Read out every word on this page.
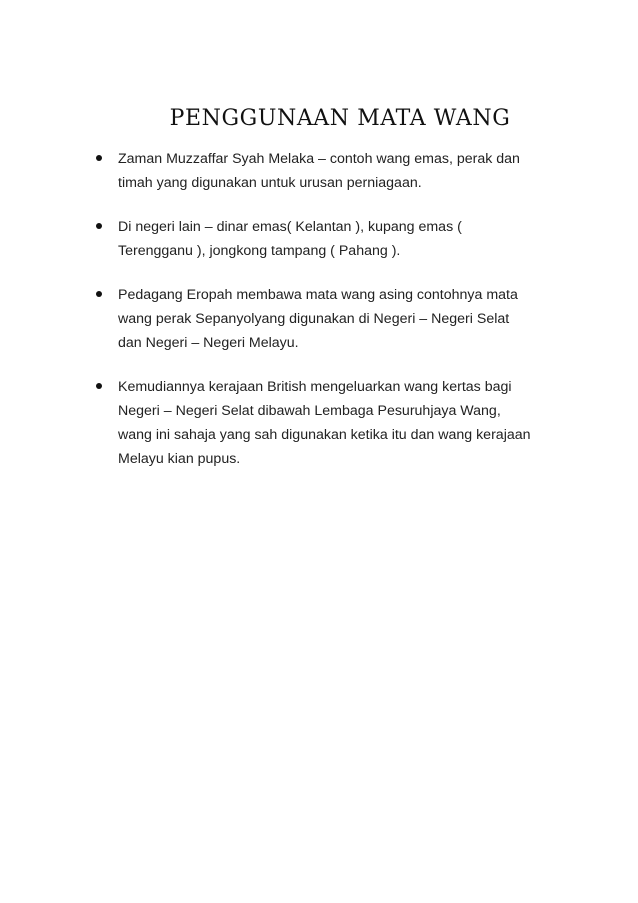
PENGGUNAAN MATA WANG
Zaman Muzzaffar Syah Melaka – contoh wang emas, perak dan
timah yang digunakan untuk urusan perniagaan.
Di negeri lain – dinar emas( Kelantan ), kupang emas (
Terengganu ), jongkong tampang ( Pahang ).
Pedagang Eropah membawa mata wang asing contohnya mata
wang perak Sepanyolyang digunakan di Negeri – Negeri Selat
dan Negeri – Negeri Melayu.
Kemudiannya kerajaan British mengeluarkan wang kertas bagi
Negeri – Negeri Selat dibawah Lembaga Pesuruhjaya Wang,
wang ini sahaja yang sah digunakan ketika itu dan wang kerajaan
Melayu kian pupus.
